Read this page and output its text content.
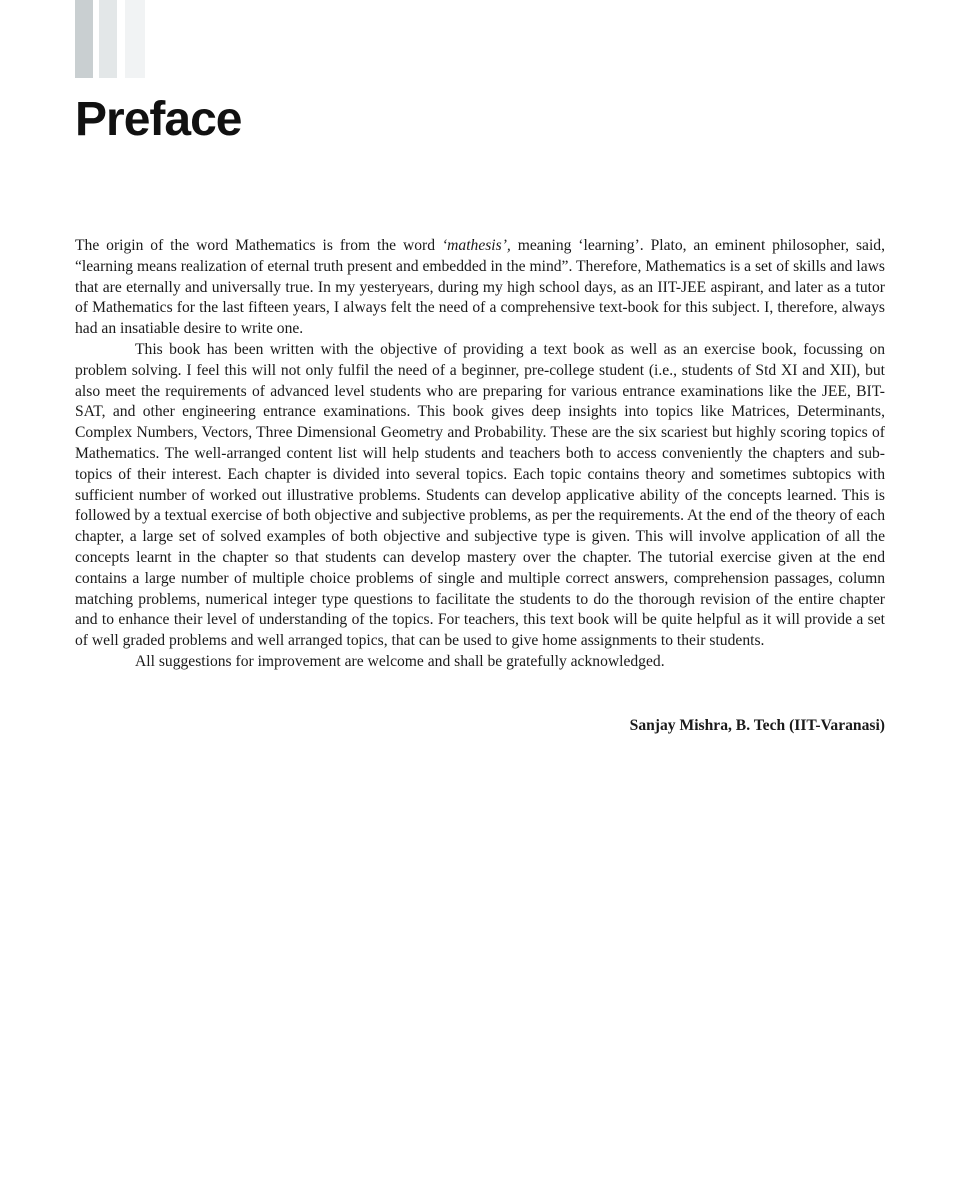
Preface

The origin of the word Mathematics is from the word ‘mathesis’, meaning ‘learning’. Plato, an eminent philosopher, said, “learning means realization of eternal truth present and embedded in the mind”. Therefore, Mathematics is a set of skills and laws that are eternally and universally true. In my yesteryears, during my high school days, as an IIT-JEE aspirant, and later as a tutor of Mathematics for the last fifteen years, I always felt the need of a comprehensive text-book for this subject. I, therefore, always had an insatiable desire to write one.

This book has been written with the objective of providing a text book as well as an exercise book, focussing on problem solving. I feel this will not only fulfil the need of a beginner, pre-college student (i.e., students of Std XI and XII), but also meet the requirements of advanced level students who are preparing for various entrance examinations like the JEE, BIT-SAT, and other engineering entrance examinations. This book gives deep insights into topics like Matrices, Determinants, Complex Numbers, Vectors, Three Dimensional Geometry and Probability. These are the six scariest but highly scoring topics of Mathematics. The well-arranged content list will help students and teachers both to access conveniently the chapters and sub-topics of their interest. Each chapter is divided into several topics. Each topic contains theory and sometimes subtopics with sufficient number of worked out illustrative problems. Students can develop applicative ability of the concepts learned. This is followed by a textual exercise of both objective and subjective problems, as per the requirements. At the end of the theory of each chapter, a large set of solved examples of both objective and subjective type is given. This will involve application of all the concepts learnt in the chapter so that students can develop mastery over the chapter. The tutorial exercise given at the end contains a large number of multiple choice problems of single and multiple correct answers, comprehension passages, column matching problems, numerical integer type questions to facilitate the students to do the thorough revision of the entire chapter and to enhance their level of understanding of the topics. For teachers, this text book will be quite helpful as it will provide a set of well graded problems and well arranged topics, that can be used to give home assignments to their students.

All suggestions for improvement are welcome and shall be gratefully acknowledged.

Sanjay Mishra, B. Tech (IIT-Varanasi)
